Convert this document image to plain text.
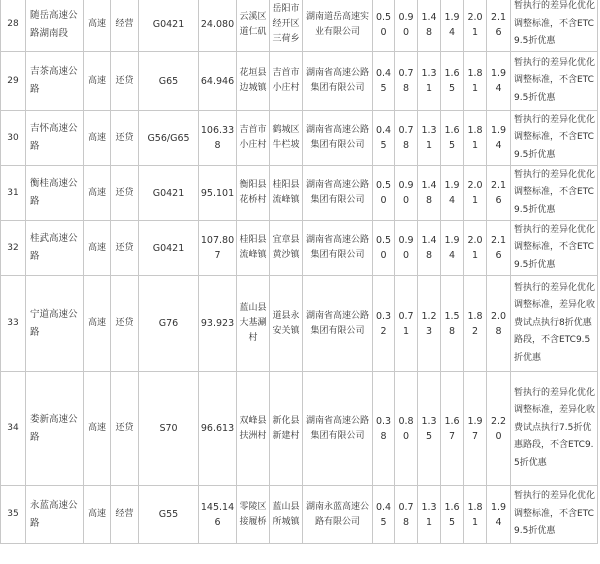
28	随岳高速公路湖南段	高速	经营	G0421	24.080	云溪区道仁矶	岳阳市经开区三荷乡	湖南道岳高速实业有限公司	0.50	0.90	1.48	1.94	2.01	2.16	暂执行的差异化优化调整标准，不含ETC9.5折优惠
29	吉茶高速公路	高速	还贷	G65	64.946	花垣县边城镇	吉首市小庄村	湖南省高速公路集团有限公司	0.45	0.78	1.31	1.65	1.81	1.94	暂执行的差异化优化调整标准，不含ETC9.5折优惠
30	吉怀高速公路	高速	还贷	G56/G65	106.338	吉首市小庄村	鹤城区牛栏坡	湖南省高速公路集团有限公司	0.45	0.78	1.31	1.65	1.81	1.94	暂执行的差异化优化调整标准，不含ETC9.5折优惠
31	衡桂高速公路	高速	还贷	G0421	95.101	衡阳县花桥村	桂阳县流峰镇	湖南省高速公路集团有限公司	0.50	0.90	1.48	1.94	2.01	2.16	暂执行的差异化优化调整标准，不含ETC9.5折优惠
32	桂武高速公路	高速	还贷	G0421	107.807	桂阳县流峰镇	宜章县黄沙镇	湖南省高速公路集团有限公司	0.50	0.90	1.48	1.94	2.01	2.16	暂执行的差异化优化调整标准，不含ETC9.5折优惠
33	宁道高速公路	高速	还贷	G76	93.923	蓝山县大基涮村	道县永安关镇	湖南省高速公路集团有限公司	0.32	0.71	1.23	1.58	1.82	2.08	暂执行的差异化优化调整标准，差异化收费试点执行8折优惠路段，不含ETC9.5折优惠
34	娄新高速公路	高速	还贷	S70	96.613	双峰县扶洲村	新化县新建村	湖南省高速公路集团有限公司	0.38	0.80	1.35	1.67	1.97	2.20	暂执行的差异化优化调整标准，差异化收费试点执行7.5折优惠路段，不含ETC9.5折优惠
35	永蓝高速公路	高速	经营	G55	145.146	零陵区接履桥	蓝山县所城镇	湖南永蓝高速公路有限公司	0.45	0.78	1.31	1.65	1.81	1.94	暂执行的差异化优化调整标准，不含ETC9.5折优惠
